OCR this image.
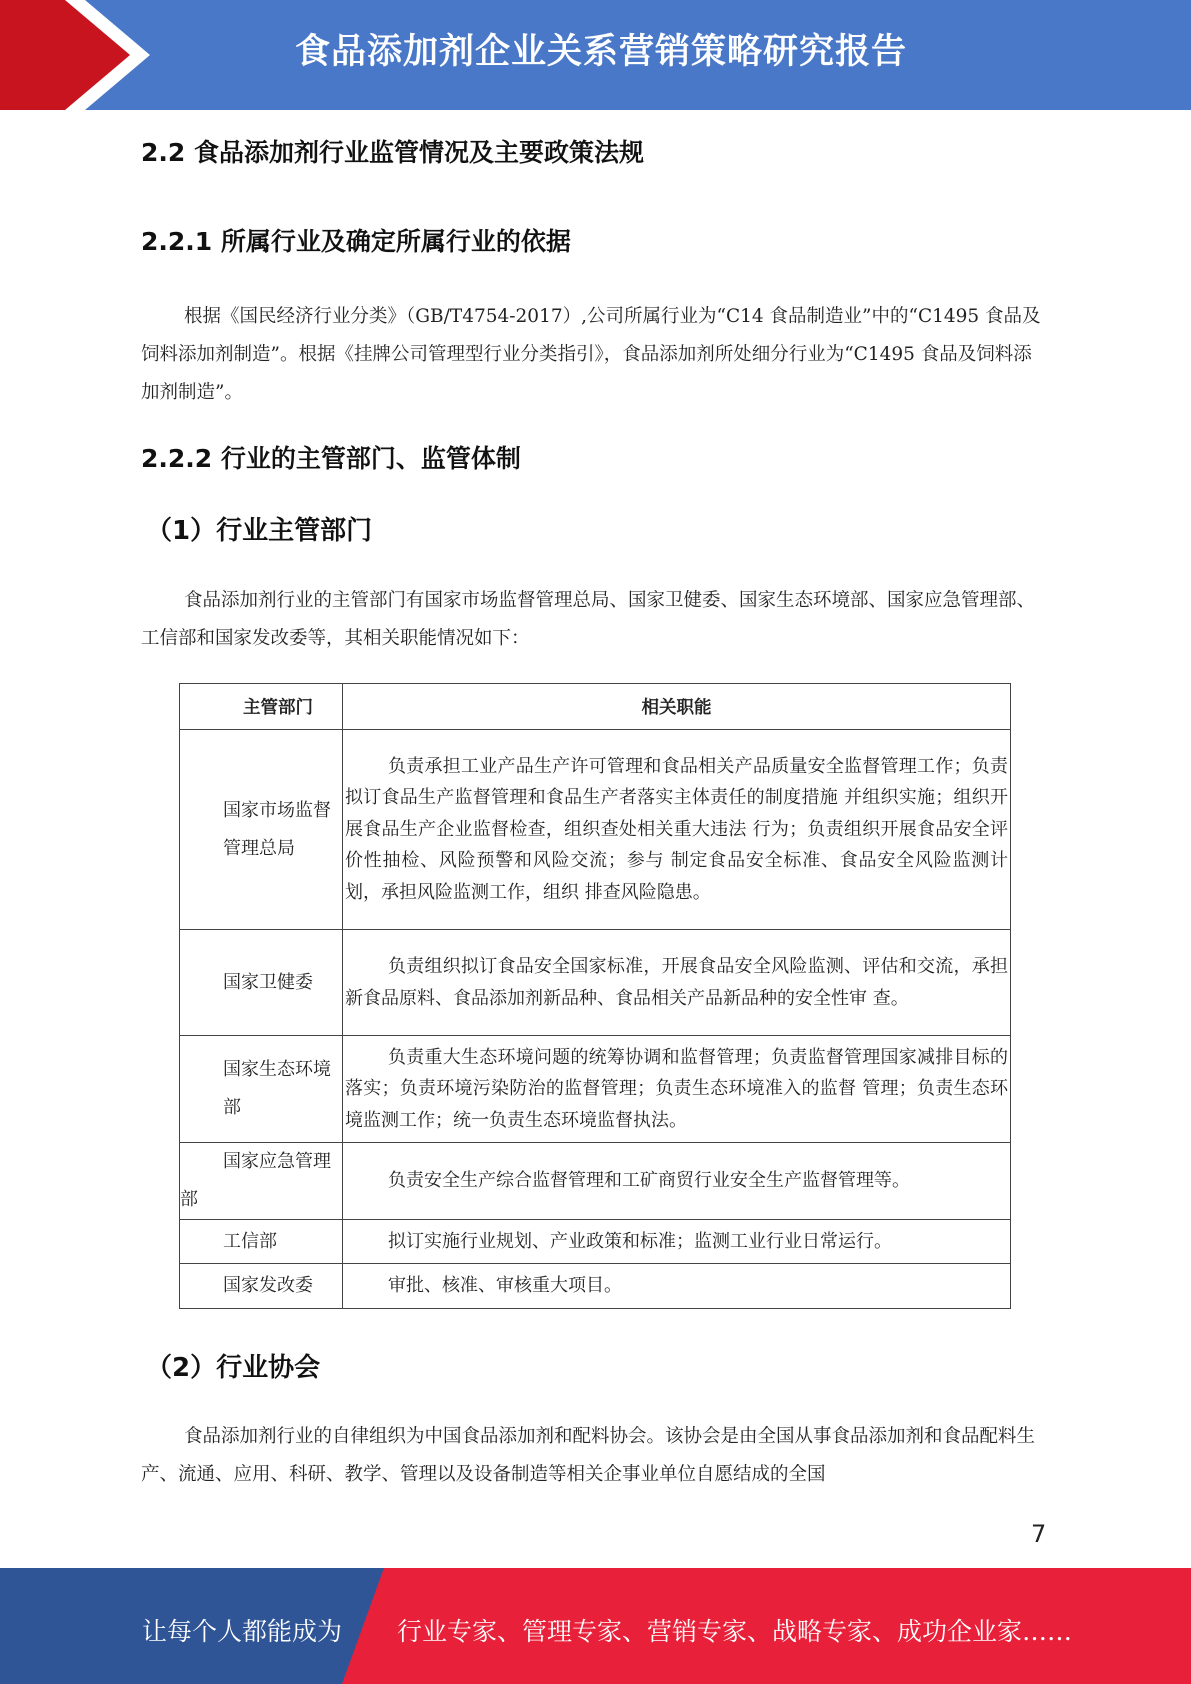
食品添加剂企业关系营销策略研究报告
2.2 食品添加剂行业监管情况及主要政策法规
2.2.1 所属行业及确定所属行业的依据

根据《国民经济行业分类》（GB/T4754-2017）,公司所属行业为“C14 食品制造业”中的“C1495 食品及饲料添加剂制造”。根据《挂牌公司管理型行业分类指引》，食品添加剂所处细分行业为“C1495 食品及饲料添加剂制造”。

2.2.2 行业的主管部门、监管体制
（1）行业主管部门

食品添加剂行业的主管部门有国家市场监督管理总局、国家卫健委、国家生态环境部、国家应急管理部、工信部和国家发改委等，其相关职能情况如下：

主管部门	相关职能
国家市场监督管理总局	负责承担工业产品生产许可管理和食品相关产品质量安全监督管理工作；负责拟订食品生产监督管理和食品生产者落实主体责任的制度措施 并组织实施；组织开展食品生产企业监督检查，组织查处相关重大违法 行为；负责组织开展食品安全评价性抽检、风险预警和风险交流；参与 制定食品安全标准、食品安全风险监测计划，承担风险监测工作，组织 排查风险隐患。
国家卫健委	负责组织拟订食品安全国家标准，开展食品安全风险监测、评估和交流，承担新食品原料、食品添加剂新品种、食品相关产品新品种的安全性审 查。
国家生态环境部	负责重大生态环境问题的统筹协调和监督管理；负责监督管理国家减排目标的落实；负责环境污染防治的监督管理；负责生态环境准入的监督 管理；负责生态环境监测工作；统一负责生态环境监督执法。
国家应急管理部	负责安全生产综合监督管理和工矿商贸行业安全生产监督管理等。
工信部	拟订实施行业规划、产业政策和标准；监测工业行业日常运行。
国家发改委	审批、核准、审核重大项目。
（2）行业协会

食品添加剂行业的自律组织为中国食品添加剂和配料协会。该协会是由全国从事食品添加剂和食品配料生产、流通、应用、科研、教学、管理以及设备制造等相关企事业单位自愿结成的全国

7
让每个人都能成为 行业专家、管理专家、营销专家、战略专家、成功企业家……
